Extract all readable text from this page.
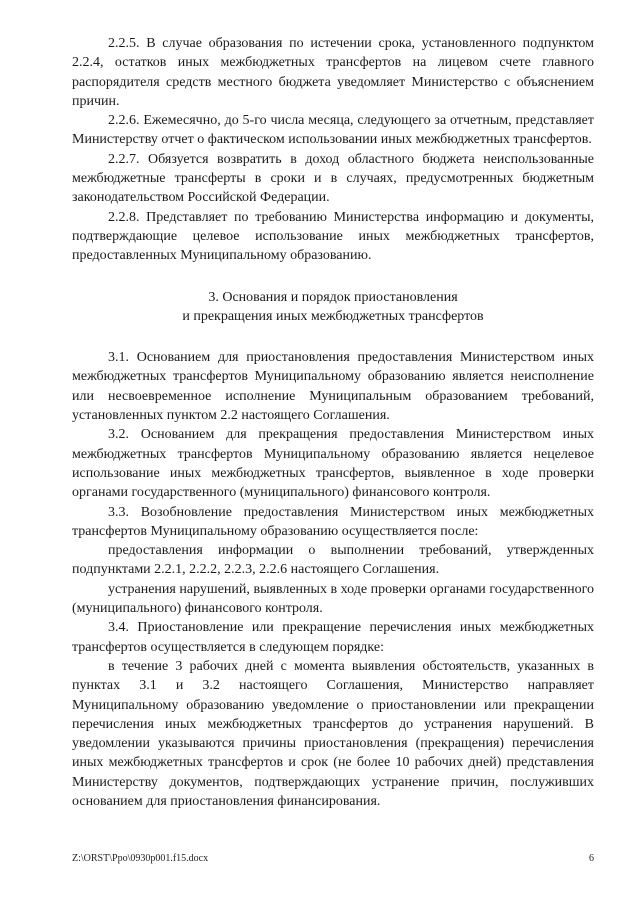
2.2.5. В случае образования по истечении срока, установленного подпунктом 2.2.4, остатков иных межбюджетных трансфертов на лицевом счете главного распорядителя средств местного бюджета уведомляет Министерство с объяснением причин.

2.2.6. Ежемесячно, до 5-го числа месяца, следующего за отчетным, представляет Министерству отчет о фактическом использовании иных межбюджетных трансфертов.

2.2.7. Обязуется возвратить в доход областного бюджета неиспользованные межбюджетные трансферты в сроки и в случаях, предусмотренных бюджетным законодательством Российской Федерации.

2.2.8. Представляет по требованию Министерства информацию и документы, подтверждающие целевое использование иных межбюджетных трансфертов, предоставленных Муниципальному образованию.

3. Основания и порядок приостановления

и прекращения иных межбюджетных трансфертов

3.1. Основанием для приостановления предоставления Министерством иных межбюджетных трансфертов Муниципальному образованию является неисполнение или несвоевременное исполнение Муниципальным образованием требований, установленных пунктом 2.2 настоящего Соглашения.

3.2. Основанием для прекращения предоставления Министерством иных межбюджетных трансфертов Муниципальному образованию является нецелевое использование иных межбюджетных трансфертов, выявленное в ходе проверки органами государственного (муниципального) финансового контроля.

3.3. Возобновление предоставления Министерством иных межбюджетных трансфертов Муниципальному образованию осуществляется после:

предоставления информации о выполнении требований, утвержденных подпунктами 2.2.1, 2.2.2, 2.2.3, 2.2.6 настоящего Соглашения.

устранения нарушений, выявленных в ходе проверки органами государственного (муниципального) финансового контроля.

3.4. Приостановление или прекращение перечисления иных межбюджетных трансфертов осуществляется в следующем порядке:

в течение 3 рабочих дней с момента выявления обстоятельств, указанных в пунктах 3.1 и 3.2 настоящего Соглашения, Министерство направляет Муниципальному образованию уведомление о приостановлении или прекращении перечисления иных межбюджетных трансфертов до устранения нарушений. В уведомлении указываются причины приостановления (прекращения) перечисления иных межбюджетных трансфертов и срок (не более 10 рабочих дней) представления Министерству документов, подтверждающих устранение причин, послуживших основанием для приостановления финансирования.

Z:\ORST\Ppo\0930p001.f15.docx	6
